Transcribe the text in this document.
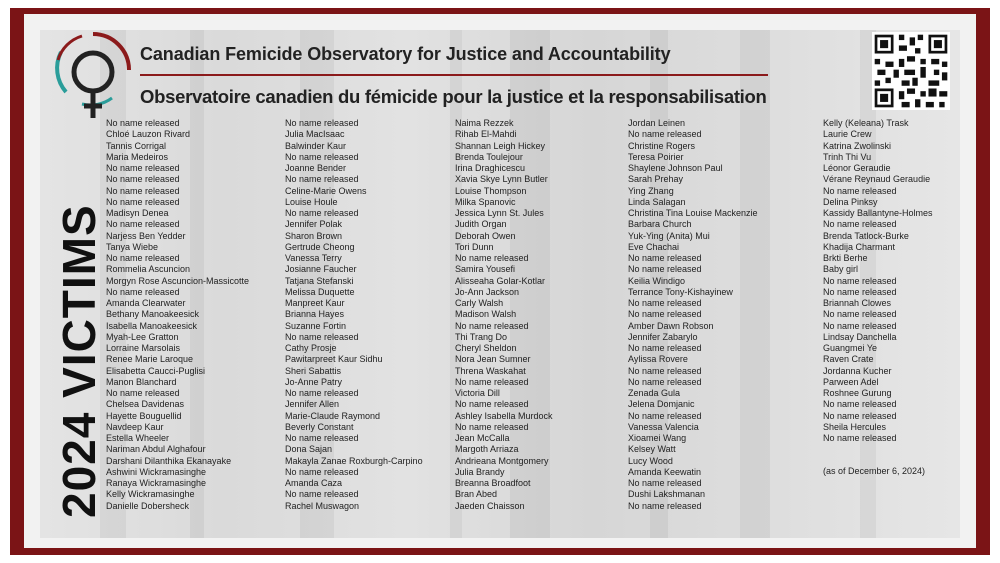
Canadian Femicide Observatory for Justice and Accountability
Observatoire canadien du fémicide pour la justice et la responsabilisation
2024 VICTIMS
No name released
Chloé Lauzon Rivard
Tannis Corrigal
Maria Medeiros
No name released
No name released
No name released
No name released
Madisyn Denea
No name released
Narjess Ben Yedder
Tanya Wiebe
No name released
Rommelia Ascuncion
Morgyn Rose Ascuncion-Massicotte
No name released
Amanda Clearwater
Bethany Manoakeesick
Isabella Manoakeesick
Myah-Lee Gratton
Lorraine Marsolais
Renee Marie Laroque
Elisabetta Caucci-Puglisi
Manon Blanchard
No name released
Chelsea Davidenas
Hayette Bouguellid
Navdeep Kaur
Estella Wheeler
Nariman Abdul Alghafour
Darshani Dilanthika Ekanayake
Ashwini Wickramasinghe
Ranaya Wickramasinghe
Kelly Wickramasinghe
Danielle Dobersheck
No name released
Julia MacIsaac
Balwinder Kaur
No name released
Joanne Bender
No name released
Celine-Marie Owens
Louise Houle
No name released
Jennifer Polak
Sharon Brown
Gertrude Cheong
Vanessa Terry
Josianne Faucher
Tatjana Stefanski
Melissa Duquette
Manpreet Kaur
Brianna Hayes
Suzanne Fortin
No name released
Cathy Prosje
Pawitarpreet Kaur Sidhu
Sheri Sabattis
Jo-Anne Patry
No name released
Jennifer Allen
Marie-Claude Raymond
Beverly Constant
No name released
Dona Sajan
Makayla Zanae Roxburgh-Carpino
No name released
Amanda Caza
No name released
Rachel Muswagon
Naima Rezzek
Rihab El-Mahdi
Shannan Leigh Hickey
Brenda Toulejour
Irina Draghicescu
Xavia Skye Lynn Butler
Louise Thompson
Milka Spanovic
Jessica Lynn St. Jules
Judith Organ
Deborah Owen
Tori Dunn
No name released
Samira Yousefi
Alisseaha Golar-Kotlar
Jo-Ann Jackson
Carly Walsh
Madison Walsh
No name released
Thi Trang Do
Cheryl Sheldon
Nora Jean Sumner
Threna Waskahat
No name released
Victoria Dill
No name released
Ashley Isabella Murdock
No name released
Jean McCalla
Margoth Arriaza
Andrieana Montgomery
Julia Brandy
Breanna Broadfoot
Bran Abed
Jaeden Chaisson
Jordan Leinen
No name released
Christine Rogers
Teresa Poirier
Shaylene Johnson Paul
Sarah Prehay
Ying Zhang
Linda Salagan
Christina Tina Louise Mackenzie
Barbara Church
Yuk-Ying (Anita) Mui
Eve Chachai
No name released
No name released
Keilia Windigo
Terrance Tony-Kishayinew
No name released
No name released
Amber Dawn Robson
Jennifer Zabarylo
No name released
Aylissa Rovere
No name released
No name released
Zenada Gula
Jelena Domjanic
No name released
Vanessa Valencia
Xioamei Wang
Kelsey Watt
Lucy Wood
Amanda Keewatin
No name released
Dushi Lakshmanan
No name released
Kelly (Keleana) Trask
Laurie Crew
Katrina Zwolinski
Trinh Thi Vu
Léonor Geraudie
Vérane Reynaud Geraudie
No name released
Delina Pinksy
Kassidy Ballantyne-Holmes
No name released
Brenda Tatlock-Burke
Khadija Charmant
Brkti Berhe
Baby girl
No name released
No name released
Briannah Clowes
No name released
No name released
Lindsay Danchella
Guangmei Ye
Raven Crate
Jordanna Kucher
Parween Adel
Roshnee Gurung
No name released
No name released
Sheila Hercules
No name released
(as of December 6, 2024)
